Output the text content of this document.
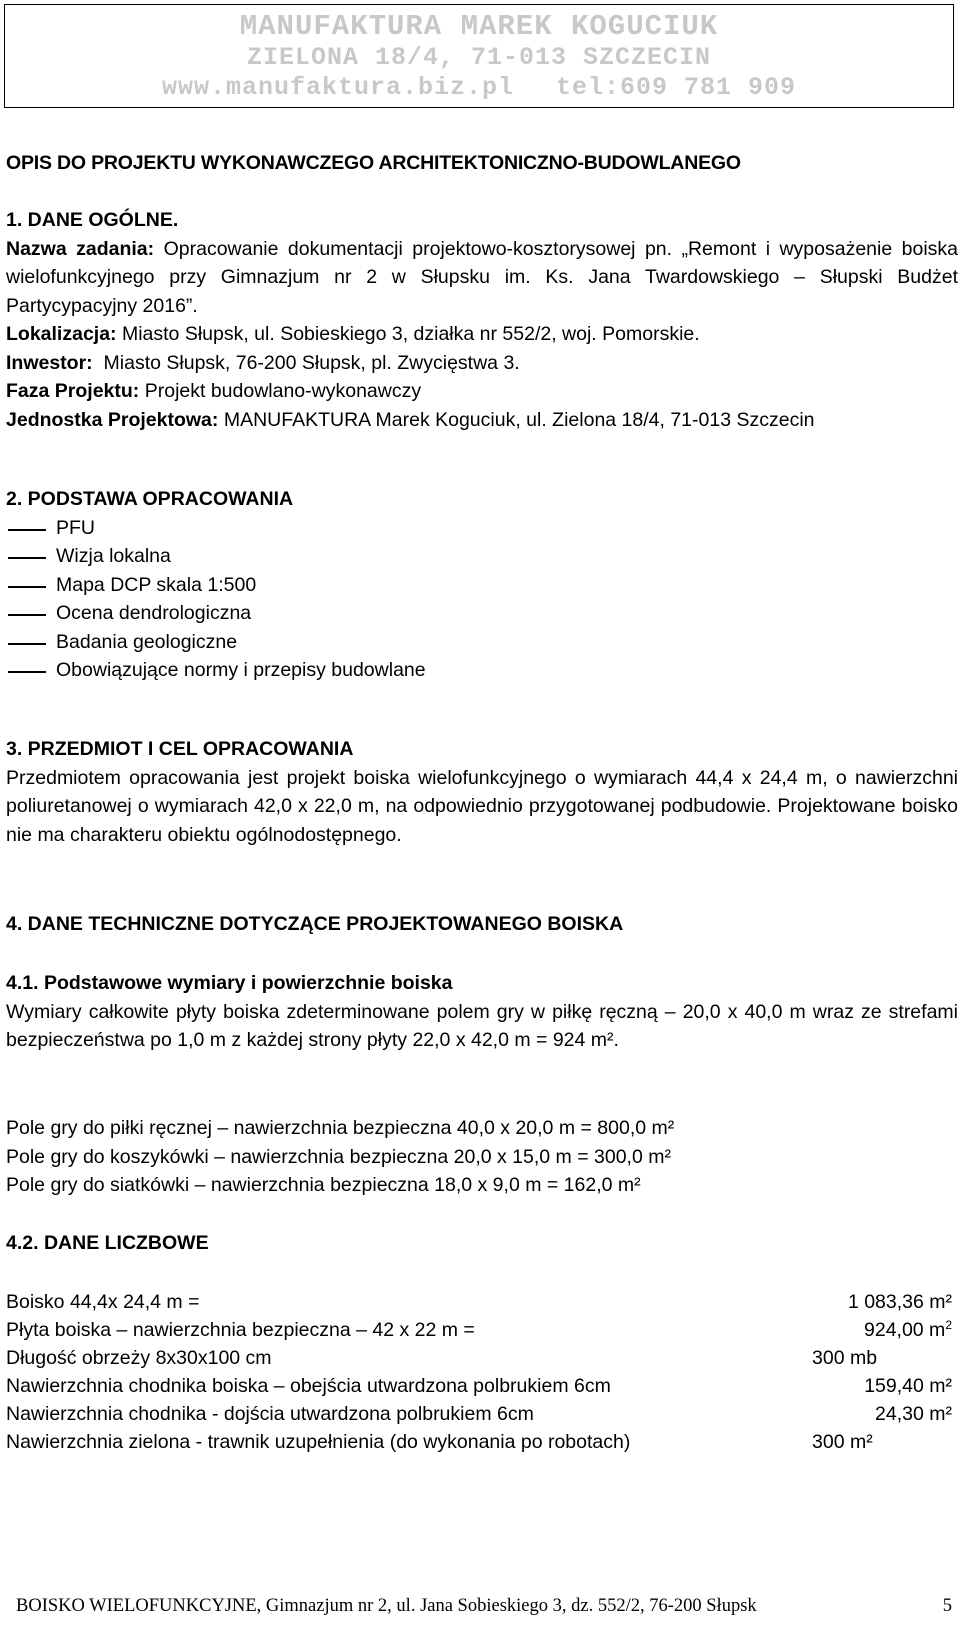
MANUFAKTURA MAREK KOGUCIUK
ZIELONA 18/4, 71-013 SZCZECIN
www.manufaktura.biz.pl tel:609 781 909
OPIS DO PROJEKTU WYKONAWCZEGO ARCHITEKTONICZNO-BUDOWLANEGO
1. DANE OGÓLNE.
Nazwa zadania: Opracowanie dokumentacji projektowo-kosztorysowej pn. „Remont i wyposażenie boiska wielofunkcyjnego przy Gimnazjum nr 2 w Słupsku im. Ks. Jana Twardowskiego – Słupski Budżet Partycypacyjny 2016”.
Lokalizacja: Miasto Słupsk, ul. Sobieskiego 3, działka nr 552/2, woj. Pomorskie.
Inwestor: Miasto Słupsk, 76-200 Słupsk, pl. Zwycięstwa 3.
Faza Projektu: Projekt budowlano-wykonawczy
Jednostka Projektowa: MANUFAKTURA Marek Koguciuk, ul. Zielona 18/4, 71-013 Szczecin
2. PODSTAWA OPRACOWANIA
PFU
Wizja lokalna
Mapa DCP skala 1:500
Ocena dendrologiczna
Badania geologiczne
Obowiązujące normy i przepisy budowlane
3. PRZEDMIOT I CEL OPRACOWANIA
Przedmiotem opracowania jest projekt boiska wielofunkcyjnego o wymiarach 44,4 x 24,4 m, o nawierzchni poliuretanowej o wymiarach 42,0 x 22,0 m, na odpowiednio przygotowanej podbudowie. Projektowane boisko nie ma charakteru obiektu ogólnodostępnego.
4. DANE TECHNICZNE DOTYCZĄCE PROJEKTOWANEGO BOISKA
4.1. Podstawowe wymiary i powierzchnie boiska
Wymiary całkowite płyty boiska zdeterminowane polem gry w piłkę ręczną – 20,0 x 40,0 m wraz ze strefami bezpieczeństwa po 1,0 m z każdej strony płyty 22,0 x 42,0 m = 924 m².
Pole gry do piłki ręcznej – nawierzchnia bezpieczna 40,0 x 20,0 m = 800,0 m²
Pole gry do koszykówki – nawierzchnia bezpieczna 20,0 x 15,0 m = 300,0 m²
Pole gry do siatkówki – nawierzchnia bezpieczna 18,0 x 9,0 m = 162,0 m²
4.2. DANE LICZBOWE
Boisko 44,4x 24,4 m =	1 083,36 m²
Płyta boiska – nawierzchnia bezpieczna – 42 x 22 m =	924,00 $m^2$
Długość obrzeży 8x30x100 cm	300 mb
Nawierzchnia chodnika boiska – obejścia utwardzona polbrukiem 6cm	159,40 m²
Nawierzchnia chodnika - dojścia utwardzona polbrukiem 6cm	24,30 m²
Nawierzchnia zielona - trawnik uzupełnienia (do wykonania po robotach)	300 m²
BOISKO WIELOFUNKCYJNE, Gimnazjum nr 2, ul. Jana Sobieskiego 3, dz. 552/2, 76-200 Słupsk	5
